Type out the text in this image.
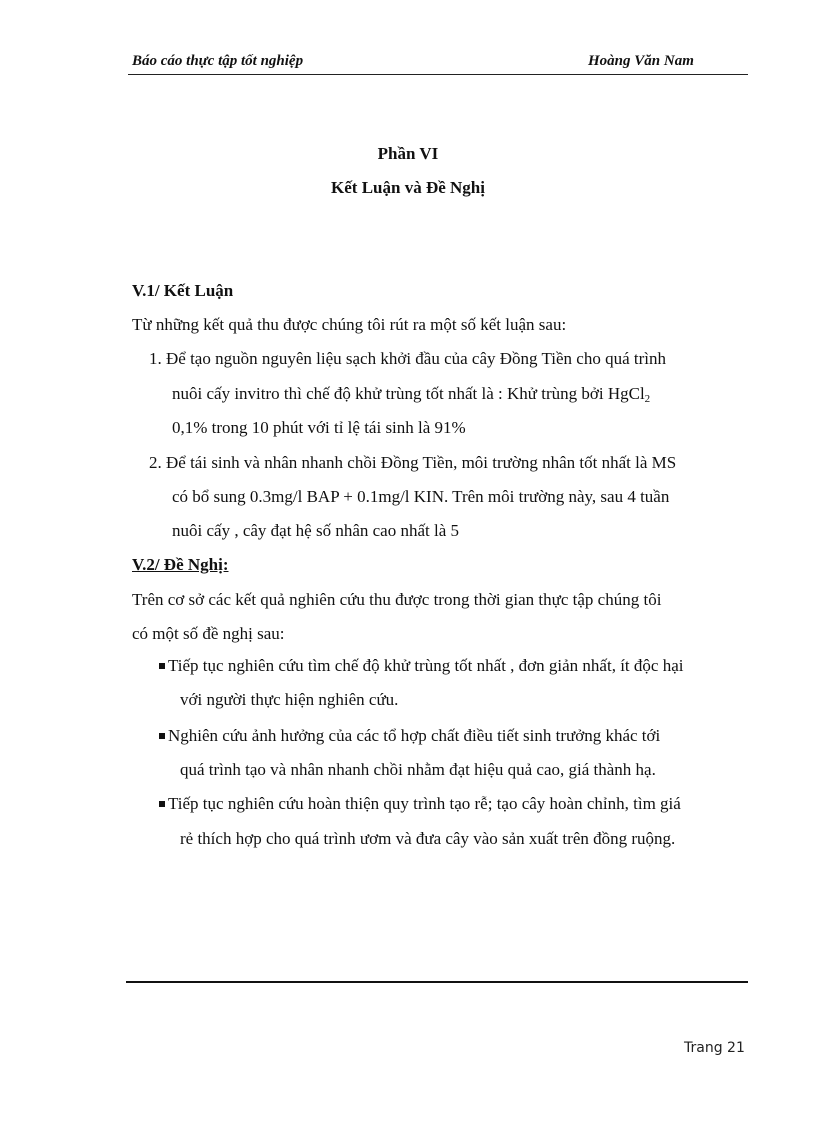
Báo cáo thực tập tốt nghiệp	Hoàng Văn Nam
Phần VI
Kết Luận và Đề Nghị
V.1/ Kết Luận
Từ những kết quả thu được chúng tôi rút ra một số kết luận sau:
1. Để tạo nguồn nguyên liệu sạch khởi đầu của cây Đồng Tiền cho quá trình
nuôi cấy invitro thì chế độ khử trùng tốt nhất là : Khử trùng bởi HgCl$_2$
0,1% trong 10 phút với tỉ lệ tái sinh là 91%
2. Để tái sinh và nhân nhanh chồi Đồng Tiền, môi trường nhân tốt nhất là MS
có bổ sung 0.3mg/l BAP + 0.1mg/l KIN. Trên môi trường này, sau 4 tuần
nuôi cấy , cây đạt hệ số nhân cao nhất là 5
V.2/ Đề Nghị:
Trên cơ sở các kết quả nghiên cứu thu được trong thời gian thực tập chúng tôi
có một số đề nghị sau:
Tiếp tục nghiên cứu tìm chế độ khử trùng tốt nhất , đơn giản nhất, ít độc hại
với người thực hiện nghiên cứu.
Nghiên cứu ảnh hưởng của các tổ hợp chất điều tiết sinh trưởng khác tới
quá trình tạo và nhân nhanh chồi nhằm đạt hiệu quả cao, giá thành hạ.
Tiếp tục nghiên cứu hoàn thiện quy trình tạo rễ; tạo cây hoàn chỉnh, tìm giá
rẻ thích hợp cho quá trình ươm và đưa cây vào sản xuất trên đồng ruộng.
Trang 21
